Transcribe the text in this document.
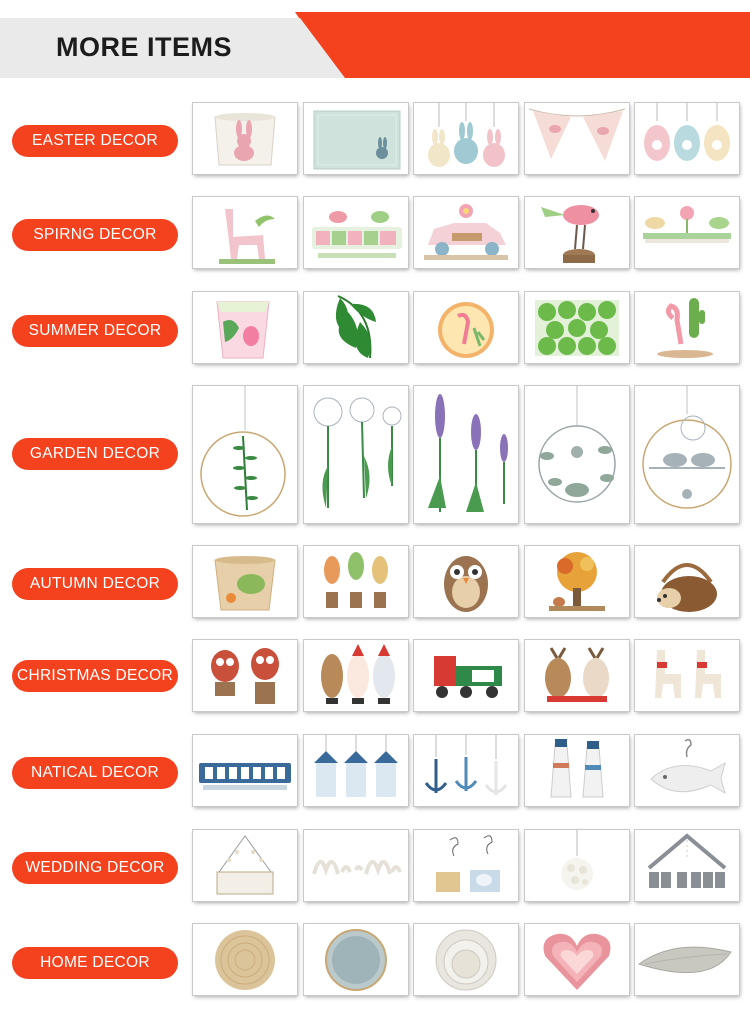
MORE ITEMS
EASTER DECOR
SPIRNG DECOR
SUMMER DECOR
GARDEN DECOR
AUTUMN DECOR
CHRISTMAS DECOR
NATICAL DECOR
WEDDING DECOR
HOME DECOR
